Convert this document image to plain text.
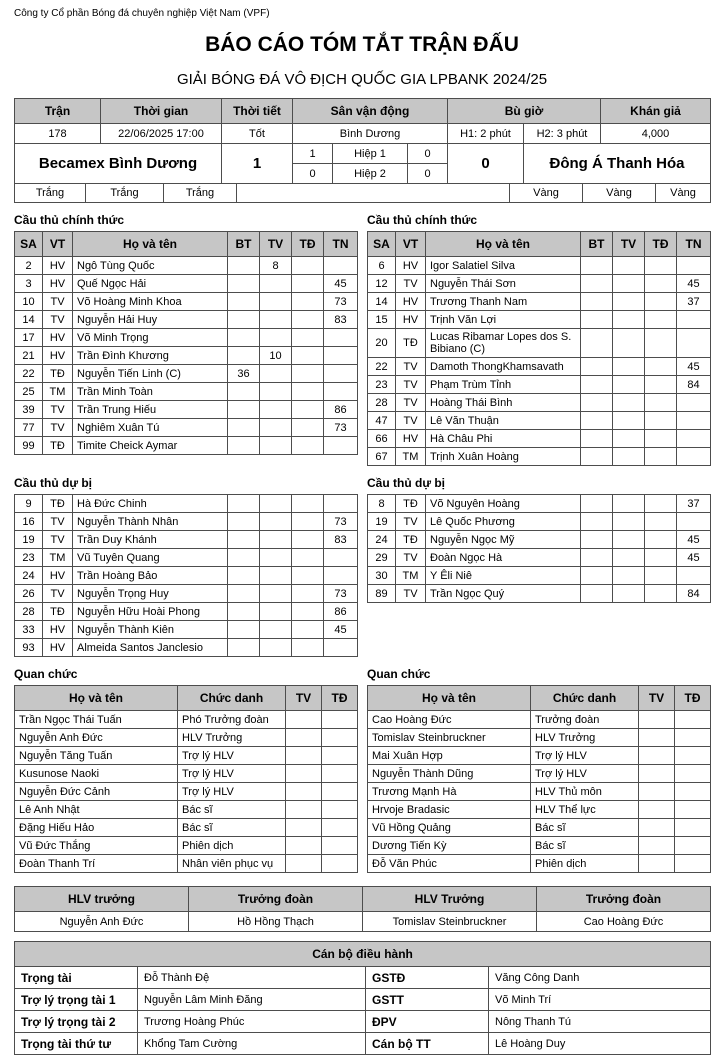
Công ty Cổ phần Bóng đá chuyên nghiệp Việt Nam (VPF)
BÁO CÁO TÓM TẮT TRẬN ĐẤU
GIẢI BÓNG ĐÁ VÔ ĐỊCH QUỐC GIA LPBANK 2024/25
Trận	Thời gian	Thời tiết	Sân vận động	Bù giờ		Khán giả
178	22/06/2025 17:00	Tốt	Bình Dương	H1: 2 phút	H2: 3 phút	4,000
Becamex Bình Dương	1	1	Hiệp 1	0	0	Đông Á Thanh Hóa
		0	Hiệp 2	0		
Trắng	Trắng	Trắng		Vàng	Vàng	Vàng
Cầu thủ chính thức
SA	VT	Họ và tên	BT	TV	TĐ	TN
2	HV	Ngô Tùng Quốc		8		
3	HV	Quế Ngọc Hải				45
10	TV	Võ Hoàng Minh Khoa				73
14	TV	Nguyễn Hải Huy				83
17	HV	Võ Minh Trọng				
21	HV	Trần Đình Khương		10		
22	TĐ	Nguyễn Tiến Linh (C)	36			
25	TM	Trần Minh Toàn				
39	TV	Trần Trung Hiếu				86
77	TV	Nghiêm Xuân Tú				73
99	TĐ	Timite Cheick Aymar				
Cầu thủ chính thức
SA	VT	Họ và tên	BT	TV	TĐ	TN
6	HV	Igor Salatiel Silva				
12	TV	Nguyễn Thái Sơn				45
14	HV	Trương Thanh Nam				37
15	HV	Trịnh Văn Lợi				
20	TĐ	Lucas Ribamar Lopes dos S. Bibiano (C)				
22	TV	Damoth ThongKhamsavath				45
23	TV	Phạm Trùm Tỉnh				84
28	TV	Hoàng Thái Bình				
47	TV	Lê Văn Thuận				
66	HV	Hà Châu Phi				
67	TM	Trịnh Xuân Hoàng				
Cầu thủ dự bị
9	TĐ	Hà Đức Chinh				
16	TV	Nguyễn Thành Nhân				73
19	TV	Trần Duy Khánh				83
23	TM	Vũ Tuyên Quang				
24	HV	Trần Hoàng Bảo				
26	TV	Nguyễn Trọng Huy				73
28	TĐ	Nguyễn Hữu Hoài Phong				86
33	HV	Nguyễn Thành Kiên				45
93	HV	Almeida Santos Janclesio				
Cầu thủ dự bị
8	TĐ	Võ Nguyên Hoàng				37
19	TV	Lê Quốc Phương				
24	TĐ	Nguyễn Ngọc Mỹ				45
29	TV	Đoàn Ngọc Hà				45
30	TM	Y Êli Niê				
89	TV	Trần Ngọc Quý				84
Quan chức
Họ và tên	Chức danh	TV	TĐ
Trần Ngọc Thái Tuấn	Phó Trưởng đoàn		
Nguyễn Anh Đức	HLV Trưởng		
Nguyễn Tăng Tuấn	Trợ lý HLV		
Kusunose Naoki	Trợ lý HLV		
Nguyễn Đức Cảnh	Trợ lý HLV		
Lê Anh Nhật	Bác sĩ		
Đặng Hiếu Hảo	Bác sĩ		
Vũ Đức Thắng	Phiên dịch		
Đoàn Thanh Trí	Nhân viên phục vụ		
Quan chức
Họ và tên	Chức danh	TV	TĐ
Cao Hoàng Đức	Trưởng đoàn		
Tomislav Steinbruckner	HLV Trưởng		
Mai Xuân Hợp	Trợ lý HLV		
Nguyễn Thành Dũng	Trợ lý HLV		
Trương Mạnh Hà	HLV Thủ môn		
Hrvoje Bradasic	HLV Thể lực		
Vũ Hồng Quảng	Bác sĩ		
Dương Tiến Kỳ	Bác sĩ		
Đỗ Văn Phúc	Phiên dịch		
HLV trưởng	Trưởng đoàn	HLV Trưởng	Trưởng đoàn
Nguyễn Anh Đức	Hồ Hồng Thạch	Tomislav Steinbruckner	Cao Hoàng Đức
Cán bộ điều hành			
Trọng tài	Đỗ Thành Đệ	GSTĐ	Văng Công Danh
Trợ lý trọng tài 1	Nguyễn Lâm Minh Đăng	GSTT	Võ Minh Trí
Trợ lý trọng tài 2	Trương Hoàng Phúc	ĐPV	Nông Thanh Tú
Trọng tài thứ tư	Khổng Tam Cường	Cán bộ TT	Lê Hoàng Duy
